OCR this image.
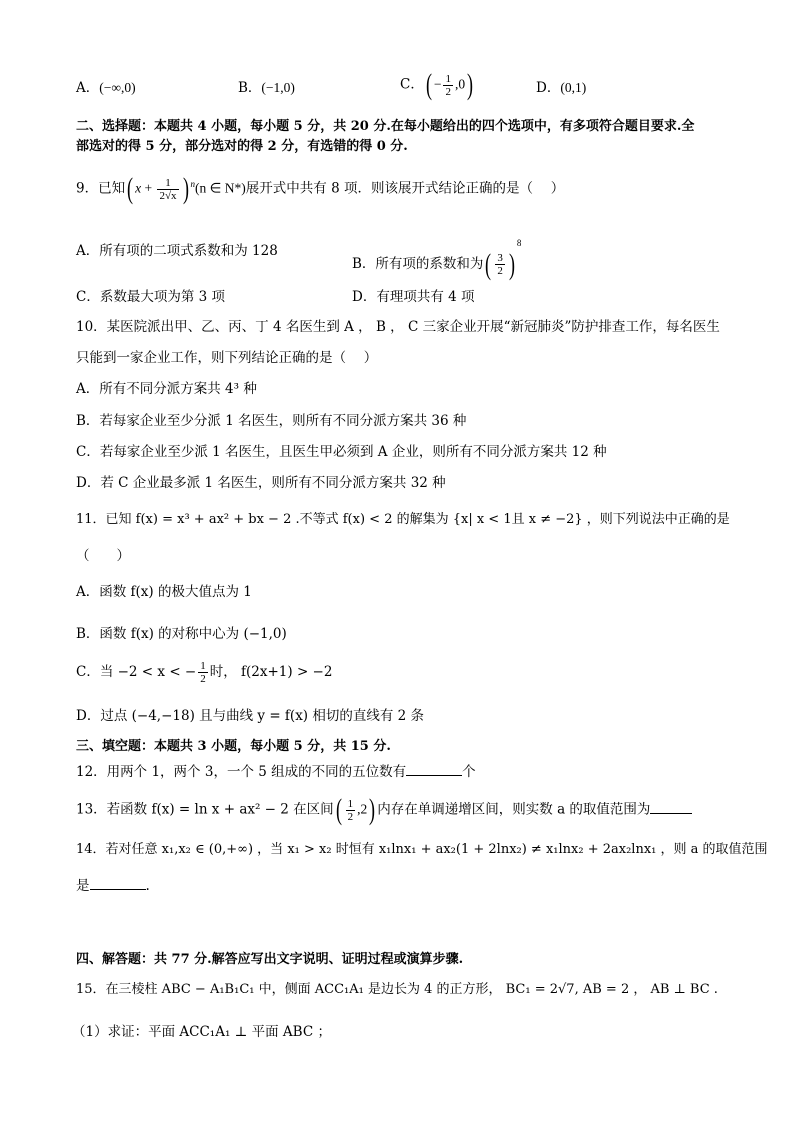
A．(−∞,0)	B．(−1,0)	C．( − $\frac{1}{2} ,0$)	D．(0,1)
二、选择题：本题共 4 小题，每小题 5 分，共 20 分.在每小题给出的四个选项中，有多项符合题目要求.全
部选对的得 5 分，部分选对的得 2 分，有选错的得 0 分.
9．已知( $x + \frac{1}{2√x}$ ) $^n$(n ∈ N*)展开式中共有 8 项．则该展开式结论正确的是（　 ）
A．所有项的二项式系数和为 128
B．所有项的系数和为( $\frac{3}{2} )^8$
C．系数最大项为第 3 项	D．有理项共有 4 项
10．某医院派出甲、乙、丙、丁 4 名医生到 A ， B ， C 三家企业开展“新冠肺炎”防护排查工作，每名医生
只能到一家企业工作，则下列结论正确的是（　 ）
A．所有不同分派方案共 4³ 种
B．若每家企业至少分派 1 名医生，则所有不同分派方案共 36 种
C．若每家企业至少派 1 名医生，且医生甲必须到 A 企业，则所有不同分派方案共 12 种
D．若 C 企业最多派 1 名医生，则所有不同分派方案共 32 种
11．已知 f(x) = x³ + ax² + bx − 2 .不等式 f(x) < 2 的解集为 {x| x < 1且 x ≠ −2} ，则下列说法中正确的是
（　　）
A．函数 f(x) 的极大值点为 1
B．函数 f(x) 的对称中心为 (−1,0)
C．当 −2 < x < − $\frac{1}{2}$ 时， f(2x+1) > −2
D．过点 (−4,−18) 且与曲线 y = f(x) 相切的直线有 2 条
三、填空题：本题共 3 小题，每小题 5 分，共 15 分.
12．用两个 1，两个 3，一个 5 组成的不同的五位数有	个
13．若函数 f(x) = ln x + ax² − 2 在区间( $\frac{1}{2} ,2$) 内存在单调递增区间，则实数 a 的取值范围为
14．若对任意 x₁,x₂ ∈ (0,+∞) ，当 x₁ > x₂ 时恒有 x₁lnx₁ + ax₂(1 + 2lnx₂) ≠ x₁lnx₂ + 2ax₂lnx₁ ，则 a 的取值范围
是	.
四、解答题：共 77 分.解答应写出文字说明、证明过程或演算步骤.
15．在三棱柱 ABC − A₁B₁C₁ 中，侧面 ACC₁A₁ 是边长为 4 的正方形， BC₁ = 2√7, AB = 2 ， AB ⊥ BC .
（1）求证：平面 ACC₁A₁ ⊥ 平面 ABC ；
